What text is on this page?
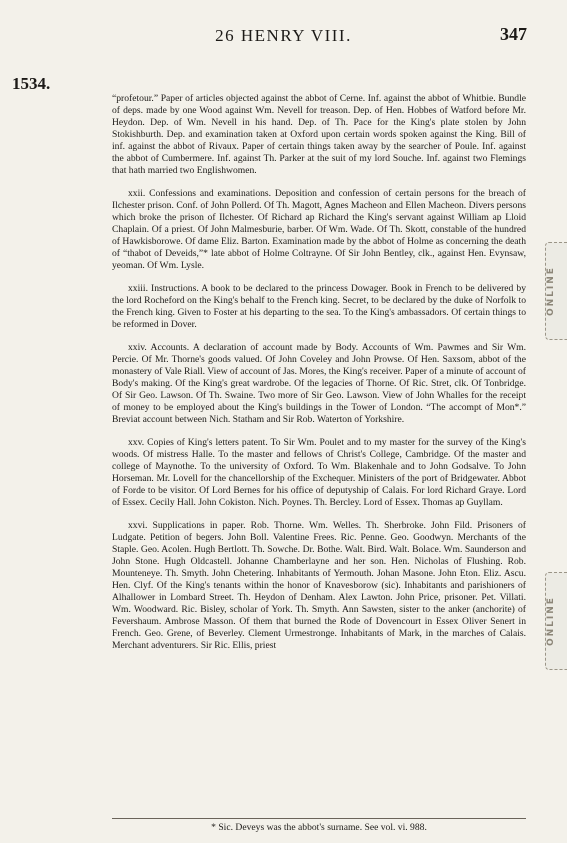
26 HENRY VIII.	347
1534.

“profetour.” Paper of articles objected against the abbot of Cerne. Inf. against the abbot of Whitbie. Bundle of deps. made by one Wood against Wm. Nevell for treason. Dep. of Hen. Hobbes of Watford before Mr. Heydon. Dep. of Wm. Nevell in his hand. Dep. of Th. Pace for the King's plate stolen by John Stokishburth. Dep. and examination taken at Oxford upon certain words spoken against the King. Bill of inf. against the abbot of Rivaux. Paper of certain things taken away by the searcher of Poule. Inf. against the abbot of Cumbermere. Inf. against Th. Parker at the suit of my lord Souche. Inf. against two Flemings that hath married two Englishwomen.

xxii. Confessions and examinations. Deposition and confession of certain persons for the breach of Ilchester prison. Conf. of John Pollerd. Of Th. Magott, Agnes Macheon and Ellen Macheon. Divers persons which broke the prison of Ilchester. Of Richard ap Richard the King's servant against William ap Lloid Chaplain. Of a priest. Of John Malmesburie, barber. Of Wm. Wade. Of Th. Skott, constable of the hundred of Hawkisborowe. Of dame Eliz. Barton. Examination made by the abbot of Holme as concerning the death of “thabot of Deveids,”* late abbot of Holme Coltrayne. Of Sir John Bentley, clk., against Hen. Evynsaw, yeoman. Of Wm. Lysle.

xxiii. Instructions. A book to be declared to the princess Dowager. Book in French to be delivered by the lord Rocheford on the King's behalf to the French king. Secret, to be declared by the duke of Norfolk to the French king. Given to Foster at his departing to the sea. To the King's ambassadors. Of certain things to be reformed in Dover.

xxiv. Accounts. A declaration of account made by Body. Accounts of Wm. Pawmes and Sir Wm. Percie. Of Mr. Thorne's goods valued. Of John Coveley and John Prowse. Of Hen. Saxsom, abbot of the monastery of Vale Riall. View of account of Jas. Mores, the King's receiver. Paper of a minute of account of Body's making. Of the King's great wardrobe. Of the legacies of Thorne. Of Ric. Stret, clk. Of Tonbridge. Of Sir Geo. Lawson. Of Th. Swaine. Two more of Sir Geo. Lawson. View of John Whalles for the receipt of money to be employed about the King's buildings in the Tower of London. “The accompt of Mon*.” Breviat account between Nich. Statham and Sir Rob. Waterton of Yorkshire.

xxv. Copies of King's letters patent. To Sir Wm. Poulet and to my master for the survey of the King's woods. Of mistress Halle. To the master and fellows of Christ's College, Cambridge. Of the master and college of Maynothe. To the university of Oxford. To Wm. Blakenhale and to John Godsalve. To John Horseman. Mr. Lovell for the chancellorship of the Exchequer. Ministers of the port of Bridgewater. Abbot of Forde to be visitor. Of Lord Bernes for his office of deputyship of Calais. For lord Richard Graye. Lord of Essex. Cecily Hall. John Cokiston. Nich. Poynes. Th. Bercley. Lord of Essex. Thomas ap Guyllam.

xxvi. Supplications in paper. Rob. Thorne. Wm. Welles. Th. Sherbroke. John Fild. Prisoners of Ludgate. Petition of begers. John Boll. Valentine Frees. Ric. Penne. Geo. Goodwyn. Merchants of the Staple. Geo. Acolen. Hugh Bertlott. Th. Sowche. Dr. Bothe. Walt. Bird. Walt. Bolace. Wm. Saunderson and John Stone. Hugh Oldcastell. Johanne Chamberlayne and her son. Hen. Nicholas of Flushing. Rob. Mounteneye. Th. Smyth. John Chetering. Inhabitants of Yermouth. Johan Masone. John Eton. Eliz. Ascu. Hen. Clyf. Of the King's tenants within the honor of Knavesborow (sic). Inhabitants and parishioners of Alhallower in Lombard Street. Th. Heydon of Denham. Alex Lawton. John Price, prisoner. Pet. Villati. Wm. Woodward. Ric. Bisley, scholar of York. Th. Smyth. Ann Sawsten, sister to the anker (anchorite) of Fevershaum. Ambrose Masson. Of them that burned the Rode of Dovencourt in Essex Oliver Senert in French. Geo. Grene, of Beverley. Clement Urmestronge. Inhabitants of Mark, in the marches of Calais. Merchant adventurers. Sir Ric. Ellis, priest

* Sic. Deveys was the abbot's surname. See vol. vi. 988.
ONLINE
ONLINE
